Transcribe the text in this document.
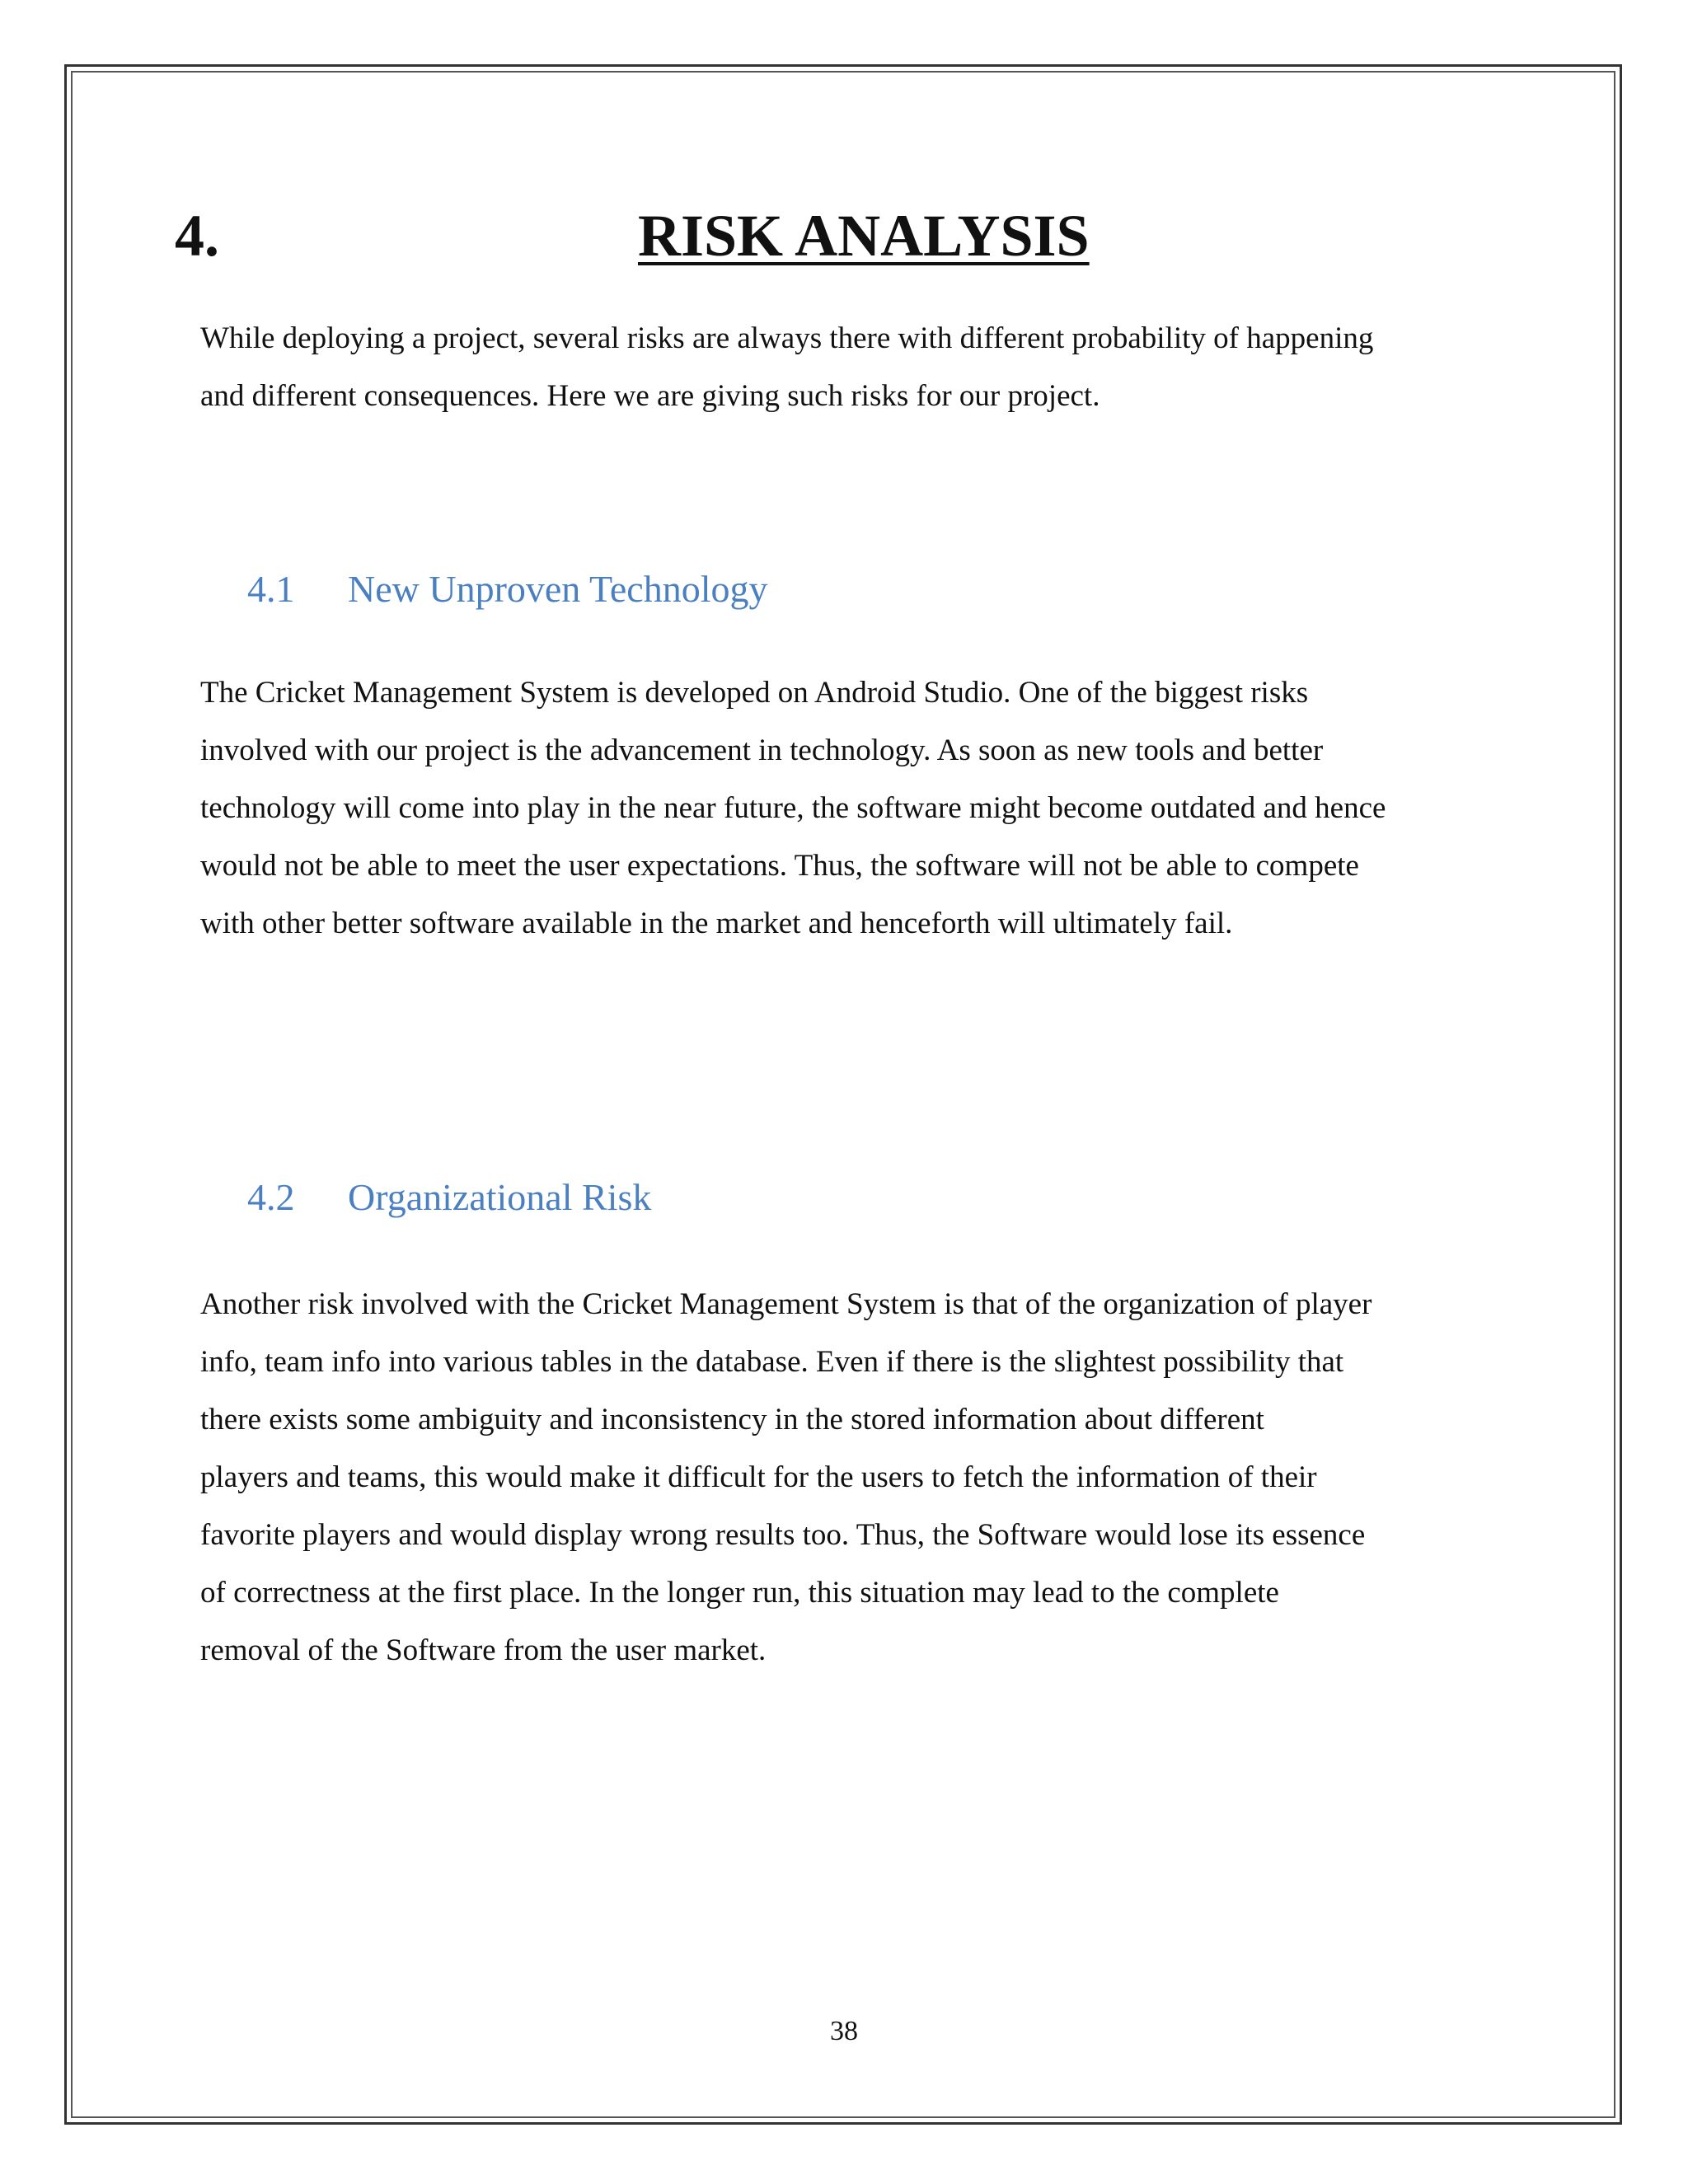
4.	RISK ANALYSIS

While deploying a project, several risks are always there with different probability of happening
and different consequences. Here we are giving such risks for our project.

4.1 New Unproven Technology

The Cricket Management System is developed on Android Studio. One of the biggest risks
involved with our project is the advancement in technology. As soon as new tools and better
technology will come into play in the near future, the software might become outdated and hence
would not be able to meet the user expectations. Thus, the software will not be able to compete
with other better software available in the market and henceforth will ultimately fail.

4.2 Organizational Risk

Another risk involved with the Cricket Management System is that of the organization of player
info, team info into various tables in the database. Even if there is the slightest possibility that
there exists some ambiguity and inconsistency in the stored information about different
players and teams, this would make it difficult for the users to fetch the information of their
favorite players and would display wrong results too. Thus, the Software would lose its essence
of correctness at the first place. In the longer run, this situation may lead to the complete
removal of the Software from the user market.

38
